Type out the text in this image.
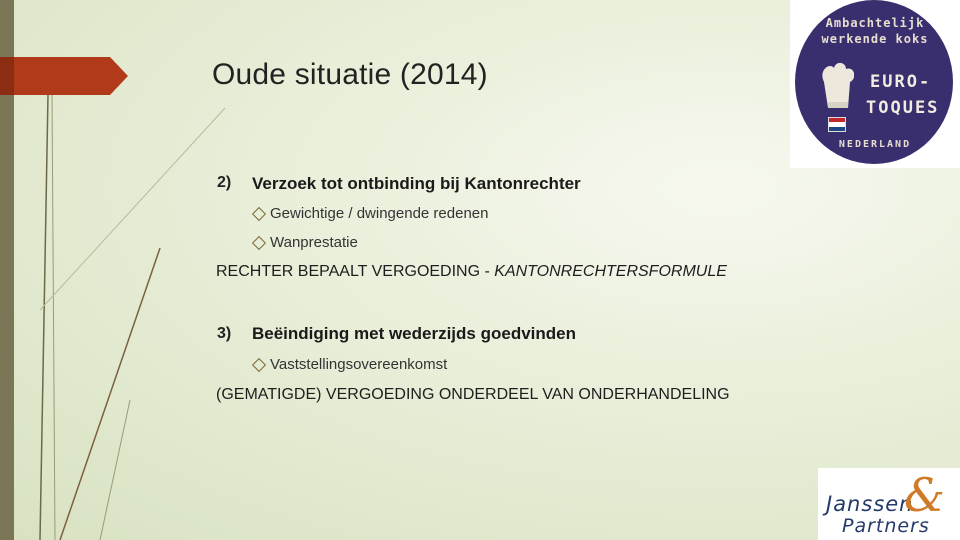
Oude situatie (2014)
2) Verzoek tot ontbinding bij Kantonrechter
Gewichtige / dwingende redenen
Wanprestatie
RECHTER BEPAALT VERGOEDING - KANTONRECHTERSFORMULE
3) Beëindiging met wederzijds goedvinden
Vaststellingsovereenkomst
(GEMATIGDE) VERGOEDING ONDERDEEL VAN ONDERHANDELING
Ambachtelijk
werkende koks
EURO-
TOQUES
NEDERLAND
Janssen
&
Partners
